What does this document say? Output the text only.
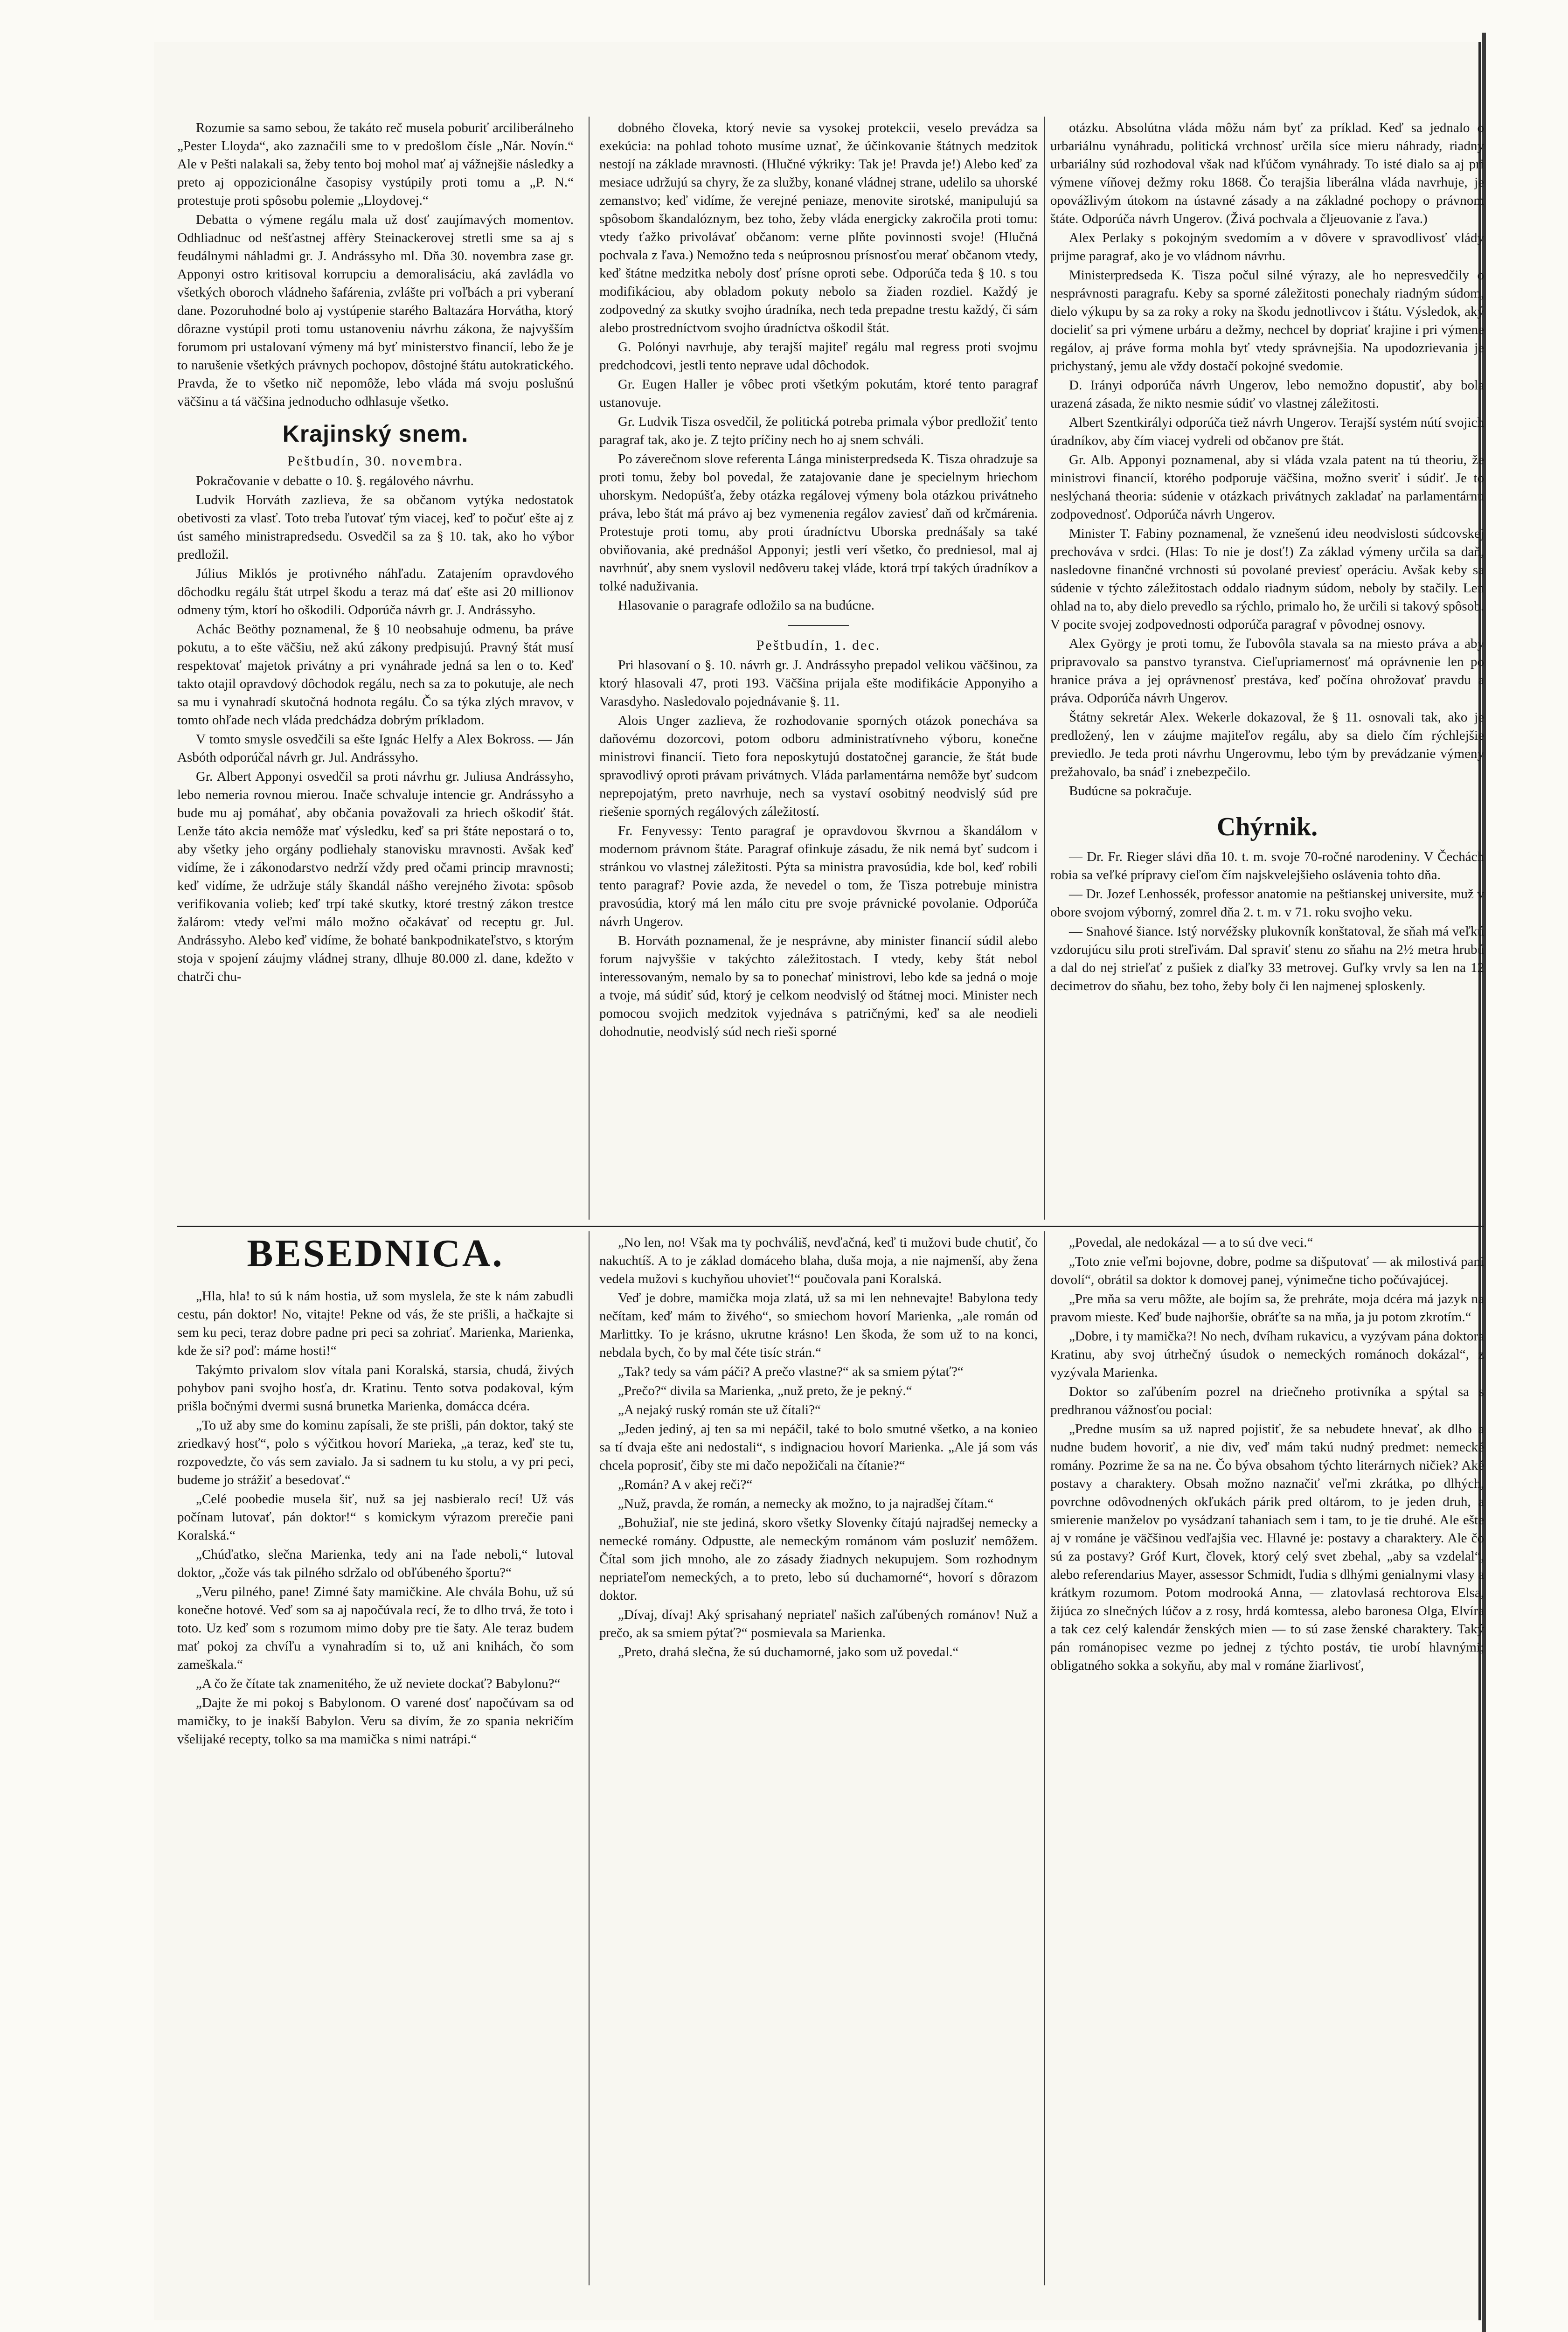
Rozumie sa samo sebou, že takáto reč musela poburiť arciliberálneho „Pester Lloyda“, ako zaznačili sme to v predošlom čísle „Nár. Novín.“ Ale v Pešti nalakali sa, žeby tento boj mohol mať aj vážnejšie následky a preto aj oppozicionálne časopisy vystúpily proti tomu a „P. N.“ protestuje proti spôsobu polemie „Lloydovej.“

Debatta o výmene regálu mala už dosť zaujímavých momentov. Odhliadnuc od nešťastnej affèry Steinackerovej stretli sme sa aj s feudálnymi náhladmi gr. J. Andrássyho ml. Dňa 30. novembra zase gr. Apponyi ostro kritisoval korrupciu a demoralisáciu, aká zavládla vo všetkých oboroch vládneho šafárenia, zvlášte pri voľbách a pri vyberaní dane. Pozoruhodné bolo aj vystúpenie starého Baltazára Horvátha, ktorý dôrazne vystúpil proti tomu ustanoveniu návrhu zákona, že najvyšším forumom pri ustalovaní výmeny má byť ministerstvo financií, lebo že je to narušenie všetkých právnych pochopov, dôstojné štátu autokratického. Pravda, že to všetko nič nepomôže, lebo vláda má svoju poslušnú väčšinu a tá väčšina jednoducho odhlasuje všetko.

Krajinský snem.
Peštbudín, 30. novembra.

Pokračovanie v debatte o 10. §. regálového návrhu.

Ludvik Horváth zazlieva, že sa občanom vytýka nedostatok obetivosti za vlasť. Toto treba ľutovať tým viacej, keď to počuť ešte aj z úst samého ministrapredsedu. Osvedčil sa za § 10. tak, ako ho výbor predložil.

Július Miklós je protivného náhľadu. Zatajením opravdového dôchodku regálu štát utrpel škodu a teraz má dať ešte asi 20 millionov odmeny tým, ktorí ho oškodili. Odporúča návrh gr. J. Andrássyho.

Achác Beöthy poznamenal, že § 10 neobsahuje odmenu, ba práve pokutu, a to ešte väčšiu, než akú zákony predpisujú. Pravný štát musí respektovať majetok privátny a pri vynáhrade jedná sa len o to. Keď takto otajil opravdový dôchodok regálu, nech sa za to pokutuje, ale nech sa mu i vynahradí skutočná hodnota regálu. Čo sa týka zlých mravov, v tomto ohľade nech vláda predchádza dobrým príkladom.

V tomto smysle osvedčili sa ešte Ignác Helfy a Alex Bokross. — Ján Asbóth odporúčal návrh gr. Jul. Andrássyho.

Gr. Albert Apponyi osvedčil sa proti návrhu gr. Juliusa Andrássyho, lebo nemeria rovnou mierou. Inače schvaluje intencie gr. Andrássyho a bude mu aj pomáhať, aby občania považovali za hriech oškodiť štát. Lenže táto akcia nemôže mať výsledku, keď sa pri štáte nepostará o to, aby všetky jeho orgány podliehaly stanovisku mravnosti. Avšak keď vidíme, že i zákonodarstvo nedrží vždy pred očami princip mravnosti; keď vidíme, že udržuje stály škandál nášho verejného života: spôsob verifikovania volieb; keď trpí také skutky, ktoré trestný zákon trestce žalárom: vtedy veľmi málo možno očakávať od receptu gr. Jul. Andrássyho. Alebo keď vidíme, že bohaté bankpodnikateľstvo, s ktorým stoja v spojení záujmy vládnej strany, dlhuje 80.000 zl. dane, kdežto v chatrči chu-

dobného človeka, ktorý nevie sa vysokej protekcii, veselo prevádza sa exekúcia: na pohlad tohoto musíme uznať, že účinkovanie štátnych medzitok nestojí na základe mravnosti. (Hlučné výkriky: Tak je! Pravda je!) Alebo keď za mesiace udržujú sa chyry, že za služby, konané vládnej strane, udelilo sa uhorské zemanstvo; keď vidíme, že verejné peniaze, menovite sirotské, manipulujú sa spôsobom škandalóznym, bez toho, žeby vláda energicky zakročila proti tomu: vtedy ťažko privolávať občanom: verne plňte povinnosti svoje! (Hlučná pochvala z ľava.) Nemožno teda s neúprosnou prísnosťou merať občanom vtedy, keď štátne medzitka neboly dosť prísne oproti sebe. Odporúča teda § 10. s tou modifikáciou, aby obladom pokuty nebolo sa žiaden rozdiel. Každý je zodpovedný za skutky svojho úradníka, nech teda prepadne trestu každý, či sám alebo prostredníctvom svojho úradníctva oškodil štát.

G. Polónyi navrhuje, aby terajší majiteľ regálu mal regress proti svojmu predchodcovi, jestli tento neprave udal dôchodok.

Gr. Eugen Haller je vôbec proti všetkým pokutám, ktoré tento paragraf ustanovuje.

Gr. Ludvik Tisza osvedčil, že politická potreba primala výbor predložiť tento paragraf tak, ako je. Z tejto príčiny nech ho aj snem schváli.

Po záverečnom slove referenta Lánga ministerpredseda K. Tisza ohradzuje sa proti tomu, žeby bol povedal, že zatajovanie dane je specielnym hriechom uhorskym. Nedopúšťa, žeby otázka regálovej výmeny bola otázkou privátneho práva, lebo štát má právo aj bez vymenenia regálov zaviesť daň od krčmárenia. Protestuje proti tomu, aby proti úradníctvu Uborska prednášaly sa také obviňovania, aké prednášol Apponyi; jestli verí všetko, čo predniesol, mal aj navrhnúť, aby snem vyslovil nedôveru takej vláde, ktorá trpí takých úradníkov a tolké naduživania.

Hlasovanie o paragrafe odložilo sa na budúcne.

Peštbudín, 1. dec.

Pri hlasovaní o §. 10. návrh gr. J. Andrássyho prepadol velikou väčšinou, za ktorý hlasovali 47, proti 193. Väčšina prijala ešte modifikácie Apponyiho a Varasdyho. Nasledovalo pojednávanie §. 11.

Alois Unger zazlieva, že rozhodovanie sporných otázok ponecháva sa daňovému dozorcovi, potom odboru administratívneho výboru, konečne ministrovi financií. Tieto fora neposkytujú dostatočnej garancie, že štát bude spravodlivý oproti právam privátnych. Vláda parlamentárna nemôže byť sudcom neprepojatým, preto navrhuje, nech sa vystaví osobitný neodvislý súd pre riešenie sporných regálových záležitostí.

Fr. Fenyvessy: Tento paragraf je opravdovou škvrnou a škandálom v modernom právnom štáte. Paragraf ofinkuje zásadu, že nik nemá byť sudcom i stránkou vo vlastnej záležitosti. Pýta sa ministra pravosúdia, kde bol, keď robili tento paragraf? Povie azda, že nevedel o tom, že Tisza potrebuje ministra pravosúdia, ktorý má len málo citu pre svoje právnické povolanie. Odporúča návrh Ungerov.

B. Horváth poznamenal, že je nesprávne, aby minister financií súdil alebo forum najvyššie v takýchto záležitostach. I vtedy, keby štát nebol interessovaným, nemalo by sa to ponechať ministrovi, lebo kde sa jedná o moje a tvoje, má súdiť súd, ktorý je celkom neodvislý od štátnej moci. Minister nech pomocou svojich medzitok vyjednáva s patričnými, keď sa ale neodieli dohodnutie, neodvislý súd nech rieši sporné

otázku. Absolútna vláda môžu nám byť za príklad. Keď sa jednalo o urbariálnu vynáhradu, politická vrchnosť určila síce mieru náhrady, riadny urbariálny súd rozhodoval však nad kľúčom vynáhrady. To isté dialo sa aj pri výmene víňovej dežmy roku 1868. Čo terajšia liberálna vláda navrhuje, je opovážlivým útokom na ústavné zásady a na základné pochopy o právnom štáte. Odporúča návrh Ungerov. (Živá pochvala a čljeuovanie z ľava.)

Alex Perlaky s pokojným svedomím a v dôvere v spravodlivosť vlády prijme paragraf, ako je vo vládnom návrhu.

Ministerpredseda K. Tisza počul silné výrazy, ale ho nepresvedčily o nesprávnosti paragrafu. Keby sa sporné záležitosti ponechaly riadným súdom, dielo výkupu by sa za roky a roky na škodu jednotlivcov i štátu. Výsledok, aký docieliť sa pri výmene urbáru a dežmy, nechcel by dopriať krajine i pri výmene regálov, aj práve forma mohla byť vtedy správnejšia. Na upodozrievania je prichystaný, jemu ale vždy dostačí pokojné svedomie.

D. Irányi odporúča návrh Ungerov, lebo nemožno dopustiť, aby bola urazená zásada, že nikto nesmie súdiť vo vlastnej záležitosti.

Albert Szentkirályi odporúča tiež návrh Ungerov. Terajší systém nútí svojich úradníkov, aby čím viacej vydreli od občanov pre štát.

Gr. Alb. Apponyi poznamenal, aby si vláda vzala patent na tú theoriu, že ministrovi financií, ktorého podporuje väčšina, možno sveriť i súdiť. Je to neslýchaná theoria: súdenie v otázkach privátnych zakladať na parlamentárnu zodpovednosť. Odporúča návrh Ungerov.

Minister T. Fabiny poznamenal, že vznešenú ideu neodvislosti súdcovskej prechováva v srdci. (Hlas: To nie je dosť!) Za základ výmeny určila sa daň, nasledovne finančné vrchnosti sú povolané previesť operáciu. Avšak keby sa súdenie v týchto záležitostach oddalo riadnym súdom, neboly by stačily. Len ohlad na to, aby dielo prevedlo sa rýchlo, primalo ho, že určili si takový spôsob. V pocite svojej zodpovednosti odporúča paragraf v pôvodnej osnovy.

Alex György je proti tomu, že ľubovôla stavala sa na miesto práva a aby pripravovalo sa panstvo tyranstva. Cieľupriamernosť má oprávnenie len po hranice práva a jej oprávnenosť prestáva, keď počína ohrožovať pravdu a práva. Odporúča návrh Ungerov.

Štátny sekretár Alex. Wekerle dokazoval, že § 11. osnovali tak, ako je predložený, len v záujme majiteľov regálu, aby sa dielo čím rýchlejšie previedlo. Je teda proti návrhu Ungerovmu, lebo tým by prevádzanie výmeny prežahovalo, ba snáď i znebezpečilo.

Budúcne sa pokračuje.

Chýrnik.

— Dr. Fr. Rieger slávi dňa 10. t. m. svoje 70-ročné narodeniny. V Čechách robia sa veľké prípravy cieľom čím najskvelejšieho oslávenia tohto dňa.

— Dr. Jozef Lenhossék, professor anatomie na peštianskej universite, muž v obore svojom výborný, zomrel dňa 2. t. m. v 71. roku svojho veku.

— Snahové šiance. Istý norvéžsky plukovník konštatoval, že sňah má veľkú vzdorujúcu silu proti streľivám. Dal spraviť stenu zo sňahu na 2½ metra hrubú a dal do nej strieľať z pušiek z diaľky 33 metrovej. Guľky vrvly sa len na 12 decimetrov do sňahu, bez toho, žeby boly či len najmenej sploskenly.

BESEDNICA.

„Hla, hla! to sú k nám hostia, už som myslela, že ste k nám zabudli cestu, pán doktor! No, vitajte! Pekne od vás, že ste prišli, a hačkajte si sem ku peci, teraz dobre padne pri peci sa zohriať. Marienka, Marienka, kde že si? poď: máme hosti!“

Takýmto privalom slov vítala pani Koralská, starsia, chudá, živých pohybov pani svojho hosťa, dr. Kratinu. Tento sotva podakoval, kým prišla bočnými dvermi susná brunetka Marienka, domácca dcéra.

„To už aby sme do kominu zapísali, že ste prišli, pán doktor, taký ste zriedkavý hosť“, polo s výčitkou hovorí Marieka, „a teraz, keď ste tu, rozpovedzte, čo vás sem zavialo. Ja si sadnem tu ku stolu, a vy pri peci, budeme jo strážiť a besedovať.“

„Celé poobedie musela šiť, nuž sa jej nasbieralo recí! Už vás počínam lutovať, pán doktor!“ s komickym výrazom prerečie pani Koralská.“

„Chúďatko, slečna Marienka, tedy ani na ľade neboli,“ lutoval doktor, „čože vás tak pilného sdržalo od obľúbeného športu?“

„Veru pilného, pane! Zimné šaty mamičkine. Ale chvála Bohu, už sú konečne hotové. Veď som sa aj napočúvala recí, že to dlho trvá, že toto i toto. Uz keď som s rozumom mimo doby pre tie šaty. Ale teraz budem mať pokoj za chvíľu a vynahradím si to, už ani knihách, čo som zameškala.“

„A čo že čítate tak znamenitého, že už neviete dockať? Babylonu?“

„Dajte že mi pokoj s Babylonom. O varené dosť napočúvam sa od mamičky, to je inakší Babylon. Veru sa divím, že zo spania nekričím všelijaké recepty, tolko sa ma mamička s nimi natrápi.“

„No len, no! Však ma ty pochváliš, nevďačná, keď ti mužovi bude chutiť, čo nakuchtíš. A to je základ domáceho blaha, duša moja, a nie najmenší, aby žena vedela mužovi s kuchyňou uhovieť!“ poučovala pani Koralská.

Veď je dobre, mamička moja zlatá, už sa mi len nehnevajte! Babylona tedy nečítam, keď mám to živého“, so smiechom hovorí Marienka, „ale román od Marlittky. To je krásno, ukrutne krásno! Len škoda, že som už to na konci, nebdala bych, čo by mal čéte tisíc strán.“

„Tak? tedy sa vám páči? A prečo vlastne?“ ak sa smiem pýtať?“

„Prečo?“ divila sa Marienka, „nuž preto, že je pekný.“

„A nejaký ruský román ste už čítali?“

„Jeden jediný, aj ten sa mi nepáčil, také to bolo smutné všetko, a na konieo sa tí dvaja ešte ani nedostali“, s indignaciou hovorí Marienka. „Ale já som vás chcela poprosiť, čiby ste mi dačo nepožičali na čítanie?“

„Román? A v akej reči?“

„Nuž, pravda, že román, a nemecky ak možno, to ja najradšej čítam.“

„Bohužiaľ, nie ste jediná, skoro všetky Slovenky čítajú najradšej nemecky a nemecké romány. Odpustte, ale nemeckým románom vám posluziť nemôžem. Čítal som jich mnoho, ale zo zásady žiadnych nekupujem. Som rozhodnym nepriateľom nemeckých, a to preto, lebo sú duchamorné“, hovorí s dôrazom doktor.

„Dívaj, dívaj! Aký sprisahaný nepriateľ našich zaľúbených románov! Nuž a prečo, ak sa smiem pýtať?“ posmievala sa Marienka.

„Preto, drahá slečna, že sú duchamorné, jako som už povedal.“

„Povedal, ale nedokázal — a to sú dve veci.“

„Toto znie veľmi bojovne, dobre, podme sa dišputovať — ak milostivá pani dovolí“, obrátil sa doktor k domovej panej, výnimečne ticho počúvajúcej.

„Pre mňa sa veru môžte, ale bojím sa, že prehráte, moja dcéra má jazyk na pravom mieste. Keď bude najhoršie, obráťte sa na mňa, ja ju potom zkrotím.“

„Dobre, i ty mamička?! No nech, dvíham rukavicu, a vyzývam pána doktora Kratinu, aby svoj útrhečný úsudok o nemeckých románoch dokázal“, z vyzývala Marienka.

Doktor so zaľúbením pozrel na driečneho protivníka a spýtal sa s predhranou vážnosťou pocial:

„Predne musím sa už napred pojistiť, že sa nebudete hnevať, ak dlho a nudne budem hovoriť, a nie div, veď mám takú nudný predmet: nemecké romány. Pozrime že sa na ne. Čo býva obsahom týchto literárnych ničiek? Aké postavy a charaktery. Obsah možno naznačiť veľmi zkrátka, po dlhých, povrchne odôvodnených okľukách párik pred oltárom, to je jeden druh, a smierenie manželov po vysádzaní tahaniach sem i tam, to je tie druhé. Ale ešte aj v románe je väčšinou vedľajšia vec. Hlavné je: postavy a charaktery. Ale čo sú za postavy? Gróf Kurt, človek, ktorý celý svet zbehal, „aby sa vzdelal“, alebo referendarius Mayer, assessor Schmidt, ľudia s dlhými genialnymi vlasy a krátkym rozumom. Potom modrooká Anna, — zlatovlasá rechtorova Elsa, žijúca zo slnečných lúčov a z rosy, hrdá komtessa, alebo baronesa Olga, Elvíra a tak cez celý kalendár ženských mien — to sú zase ženské charaktery. Taký pán románopisec vezme po jednej z týchto postáv, tie urobí hlavnými; obligatného sokka a sokyňu, aby mal v románe žiarlivosť,
